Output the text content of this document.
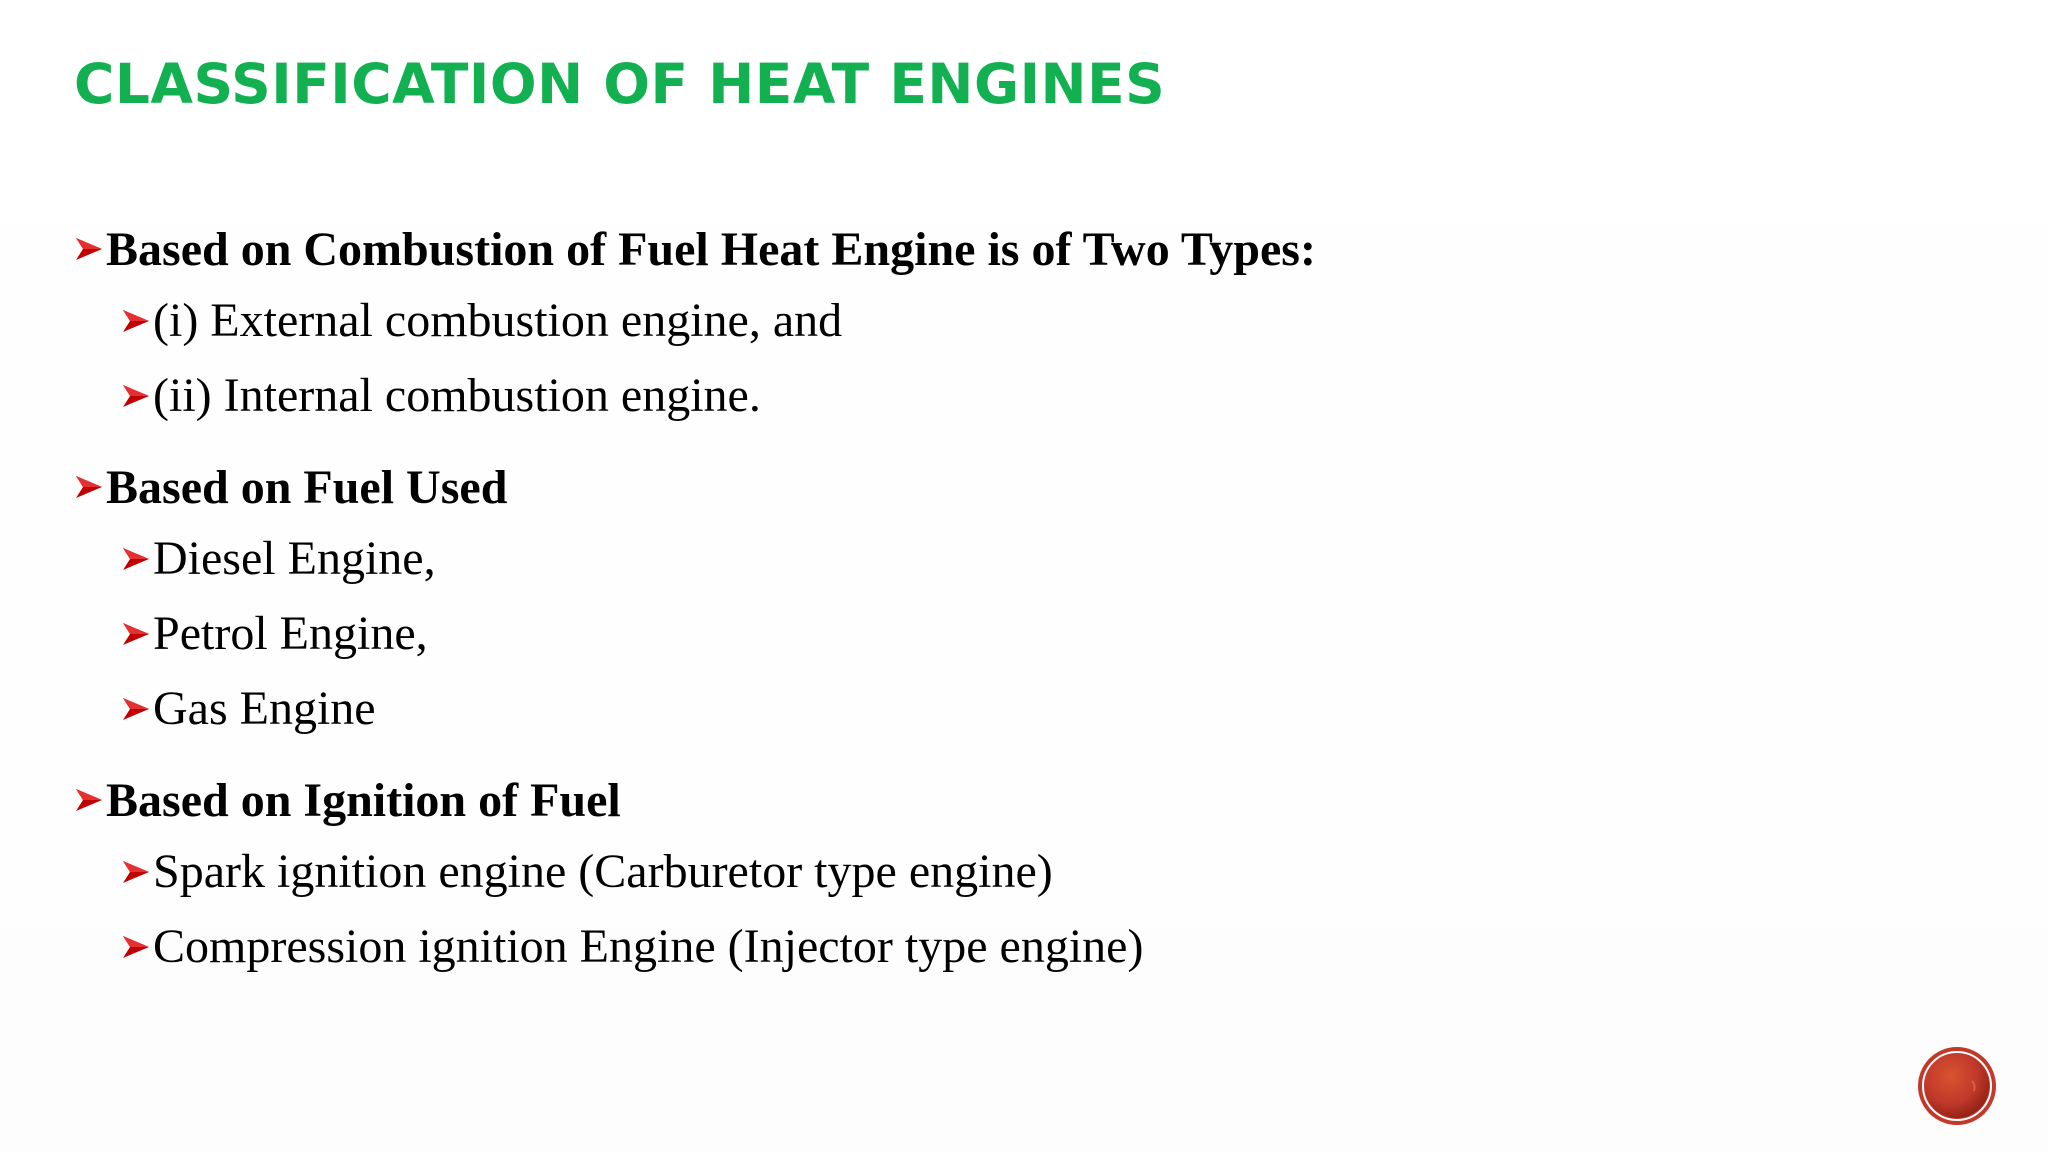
CLASSIFICATION OF HEAT ENGINES
Based on Combustion of Fuel Heat Engine is of Two Types:
(i) External combustion engine, and
(ii) Internal combustion engine.
Based on Fuel Used
Diesel Engine,
Petrol Engine,
Gas Engine
Based on Ignition of Fuel
Spark ignition engine (Carburetor type engine)
Compression ignition Engine (Injector type engine)
